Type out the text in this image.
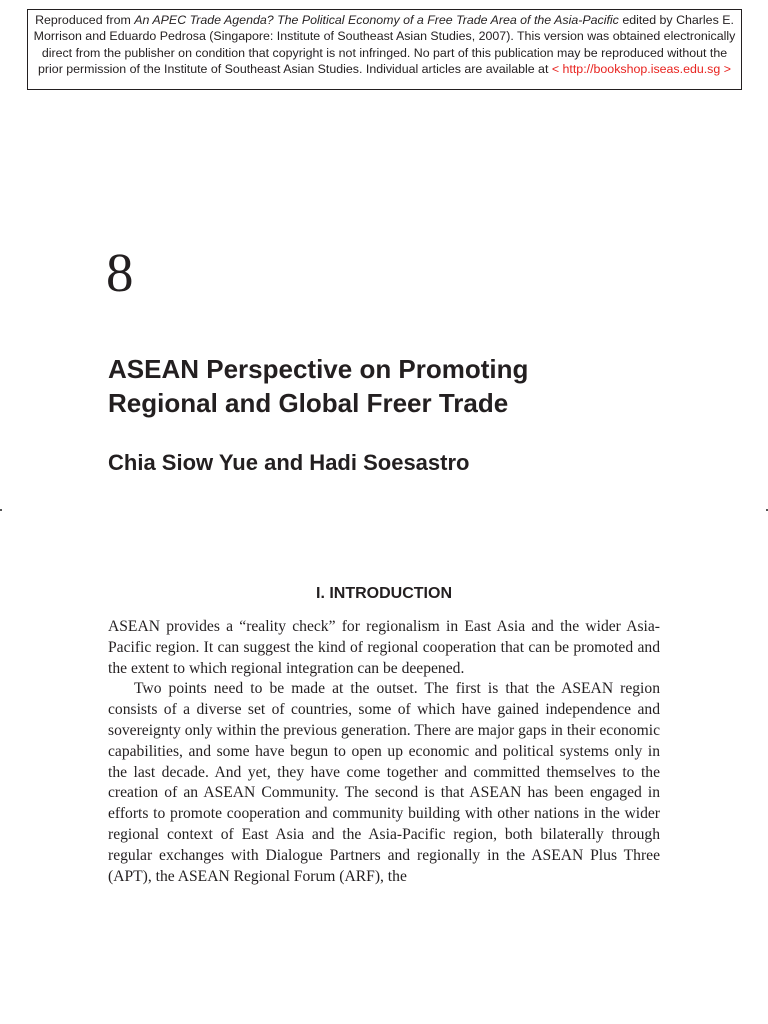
Reproduced from An APEC Trade Agenda? The Political Economy of a Free Trade Area of the Asia-Pacific edited by Charles E. Morrison and Eduardo Pedrosa (Singapore: Institute of Southeast Asian Studies, 2007). This version was obtained electronically direct from the publisher on condition that copyright is not infringed. No part of this publication may be reproduced without the prior permission of the Institute of Southeast Asian Studies. Individual articles are available at < http://bookshop.iseas.edu.sg >
8
ASEAN Perspective on Promoting
Regional and Global Freer Trade
Chia Siow Yue and Hadi Soesastro
I. INTRODUCTION

ASEAN provides a “reality check” for regionalism in East Asia and the wider Asia-Pacific region. It can suggest the kind of regional cooperation that can be promoted and the extent to which regional integration can be deepened.

Two points need to be made at the outset. The first is that the ASEAN region consists of a diverse set of countries, some of which have gained independence and sovereignty only within the previous generation. There are major gaps in their economic capabilities, and some have begun to open up economic and political systems only in the last decade. And yet, they have come together and committed themselves to the creation of an ASEAN Community. The second is that ASEAN has been engaged in efforts to promote cooperation and community building with other nations in the wider regional context of East Asia and the Asia-Pacific region, both bilaterally through regular exchanges with Dialogue Partners and regionally in the ASEAN Plus Three (APT), the ASEAN Regional Forum (ARF), the
